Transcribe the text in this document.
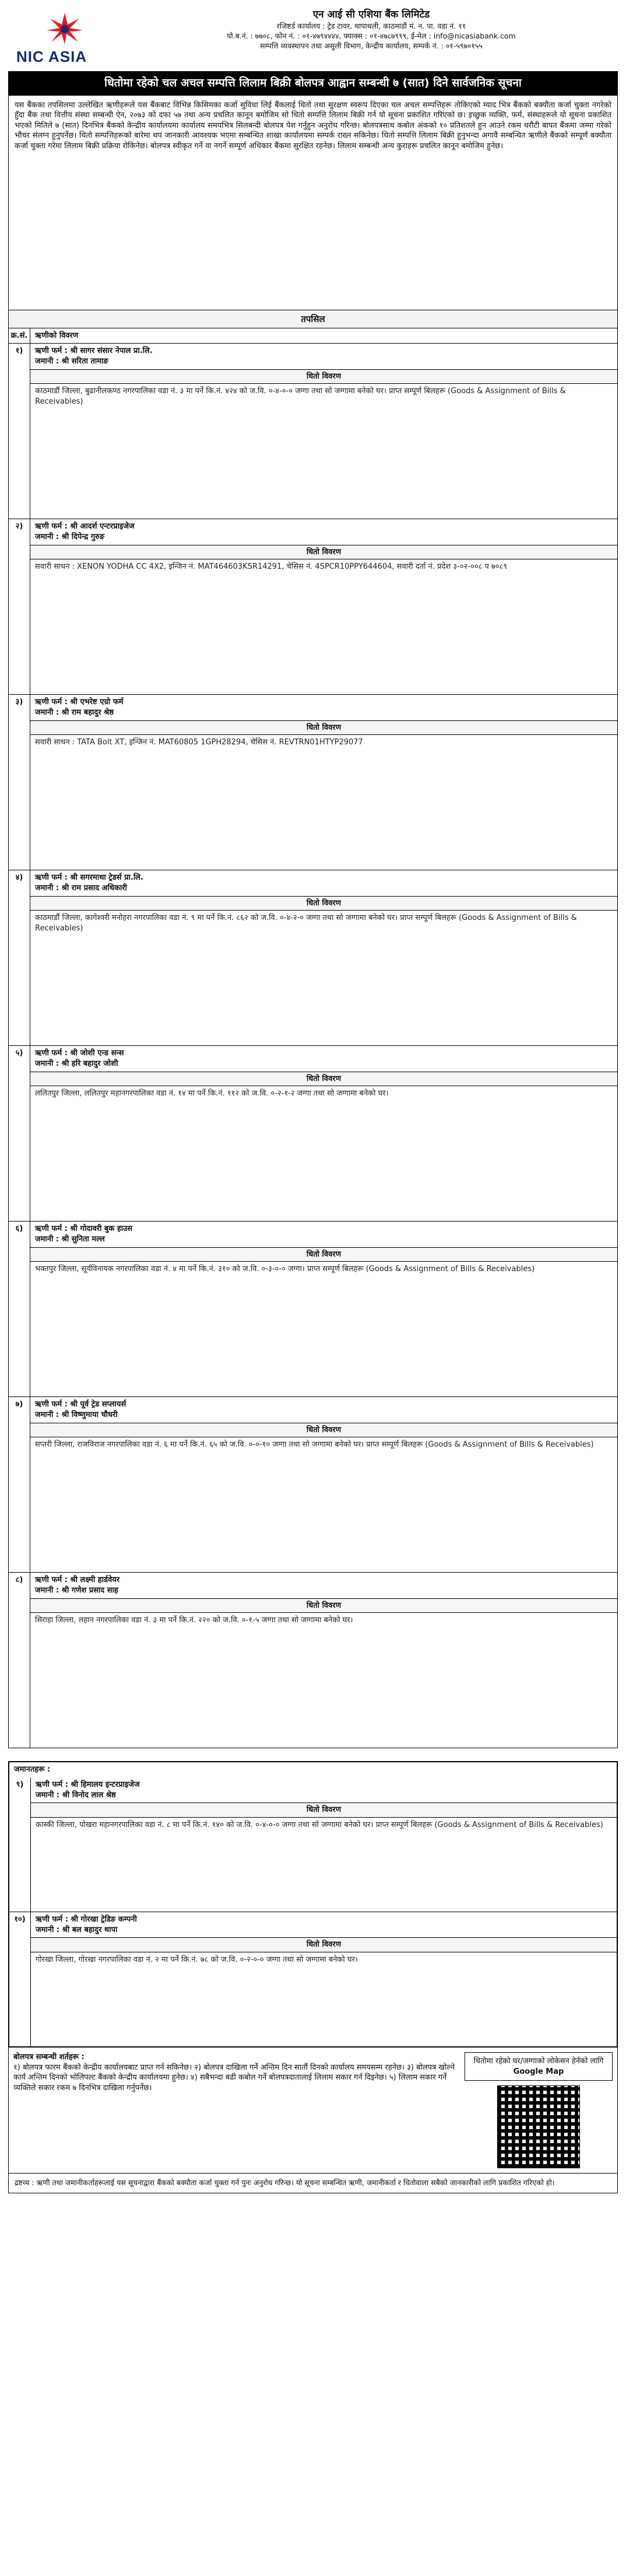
NIC ASIA
एन आई सी एशिया बैंक लिमिटेड
रजिष्टर्ड कार्यालय : ट्रेड टावर, थापाथली, काठमाडौं मं. न. पा. वडा नं. ११
पो.ब.नं. : ७७०८, फोन नं. : ०१-४७९४४४४, फ्याक्स : ०१-४७८७९९९, ई-मेल : info@nicasiabank.com
सम्पत्ति व्यवस्थापन तथा असुली विभाग, केन्द्रीय कार्यालय, सम्पर्क नं. : ०१-५९७०१५५
धितोमा रहेको चल अचल सम्पत्ति लिलाम बिक्री बोलपत्र आह्वान सम्बन्धी ७ (सात) दिने सार्वजनिक सूचना
यस बैंकका तपसिलमा उल्लेखित ऋणीहरूले यस बैंकबाट विभिन्न किसिमका कर्जा सुविधा लिई बैंकलाई धितो तथा सुरक्षण स्वरूप दिएका चल अचल सम्पत्तिहरू तोकिएको म्याद भित्र बैंकको बक्यौता कर्जा चुक्ता नगरेको हुँदा बैंक तथा वित्तीय संस्था सम्बन्धी ऐन, २०७३ को दफा ५७ तथा अन्य प्रचलित कानून बमोजिम सो धितो सम्पत्ति लिलाम बिक्री गर्न यो सूचना प्रकाशित गरिएको छ। इच्छुक व्यक्ति, फर्म, संस्थाहरूले यो सूचना प्रकाशित भएको मितिले ७ (सात) दिनभित्र बैंकको केन्द्रीय कार्यालयमा कार्यालय समयभित्र सिलबन्दी बोलपत्र पेश गर्नुहुन अनुरोध गरिन्छ। बोलपत्रसाथ कबोल अंकको १० प्रतिशतले हुन आउने रकम धरौटी बापत बैंकमा जम्मा गरेको भौचर संलग्न हुनुपर्नेछ। धितो सम्पत्तिहरूको बारेमा थप जानकारी आवश्यक भएमा सम्बन्धित शाखा कार्यालयमा सम्पर्क राख्न सकिनेछ। धितो सम्पत्ति लिलाम बिक्री हुनुभन्दा अगावै सम्बन्धित ऋणीले बैंकको सम्पूर्ण बक्यौता कर्जा चुक्ता गरेमा लिलाम बिक्री प्रक्रिया रोकिनेछ। बोलपत्र स्वीकृत गर्ने वा नगर्ने सम्पूर्ण अधिकार बैंकमा सुरक्षित रहनेछ। लिलाम सम्बन्धी अन्य कुराहरू प्रचलित कानून बमोजिम हुनेछ।
तपसिल
क्र.सं. ऋणीको विवरण
१)	ऋणी फर्म : श्री सागर संसार नेपाल प्रा.लि.
जमानी : श्री सरिता तामाङ
धितो विवरण
काठमाडौं जिल्ला, बुढानीलकण्ठ नगरपालिका वडा नं. ३ मा पर्ने कि.नं. ४२४ को ज.वि. ०-४-०-० जग्गा तथा सो जग्गामा बनेको घर। प्राप्त सम्पूर्ण बिलहरू (Goods & Assignment of Bills & Receivables)
२)	ऋणी फर्म : श्री आदर्श एन्टरप्राइजेज
जमानी : श्री दिपेन्द्र गुरुङ
धितो विवरण
सवारी साधन : XENON YODHA CC 4X2, इन्जिन नं. MAT464603KSR14291, चेसिस नं. 4SPCR10PPY644604, सवारी दर्ता नं. प्रदेश ३-०२-००८ प ७०८९
३)	ऋणी फर्म : श्री एभरेष्ट एग्रो फर्म
जमानी : श्री राम बहादुर श्रेष्ठ
धितो विवरण
सवारी साधन : TATA Bolt XT, इन्जिन नं. MAT60805 1GPH28294, चेसिस नं. REVTRN01HTYP29077
४)	ऋणी फर्म : श्री सगरमाथा ट्रेडर्स प्रा.लि.
जमानी : श्री राम प्रसाद अधिकारी
धितो विवरण
काठमाडौं जिल्ला, कागेश्वरी मनोहरा नगरपालिका वडा नं. ९ मा पर्ने कि.नं. ८६२ को ज.वि. ०-४-२-० जग्गा तथा सो जग्गामा बनेको घर। प्राप्त सम्पूर्ण बिलहरू (Goods & Assignment of Bills & Receivables)
५)	ऋणी फर्म : श्री जोशी एन्ड सन्स
जमानी : श्री हरि बहादुर जोशी
धितो विवरण
ललितपुर जिल्ला, ललितपुर महानगरपालिका वडा नं. १४ मा पर्ने कि.नं. ११२ को ज.वि. ०-२-१-२ जग्गा तथा सो जग्गामा बनेको घर।
६)	ऋणी फर्म : श्री गोदावरी बुक हाउस
जमानी : श्री सुनिता मल्ल
धितो विवरण
भक्तपुर जिल्ला, सूर्यविनायक नगरपालिका वडा नं. ४ मा पर्ने कि.नं. ३१० को ज.वि. ०-३-०-० जग्गा। प्राप्त सम्पूर्ण बिलहरू (Goods & Assignment of Bills & Receivables)
७)	ऋणी फर्म : श्री पूर्व ट्रेड सप्लायर्स
जमानी : श्री विष्णुमाया चौधरी
धितो विवरण
सप्तरी जिल्ला, राजविराज नगरपालिका वडा नं. ६ मा पर्ने कि.नं. ६५ को ज.वि. ०-०-१० जग्गा तथा सो जग्गामा बनेको घर। प्राप्त सम्पूर्ण बिलहरू (Goods & Assignment of Bills & Receivables)
८)	ऋणी फर्म : श्री लक्ष्मी हार्डवेयर
जमानी : श्री गणेश प्रसाद साह
धितो विवरण
सिराहा जिल्ला, लहान नगरपालिका वडा नं. ३ मा पर्ने कि.नं. २२० को ज.वि. ०-१-५ जग्गा तथा सो जग्गामा बनेको घर।
जमानतहरू :
९)	ऋणी फर्म : श्री हिमालय इन्टरप्राइजेज
जमानी : श्री विनोद लाल श्रेष्ठ
धितो विवरण
कास्की जिल्ला, पोखरा महानगरपालिका वडा नं. ८ मा पर्ने कि.नं. १४० को ज.वि. ०-४-०-० जग्गा तथा सो जग्गामा बनेको घर। प्राप्त सम्पूर्ण बिलहरू (Goods & Assignment of Bills & Receivables)
१०)	ऋणी फर्म : श्री गोरखा ट्रेडिङ कम्पनी
जमानी : श्री बल बहादुर थापा
धितो विवरण
गोरखा जिल्ला, गोरखा नगरपालिका वडा नं. २ मा पर्ने कि.नं. ७८ को ज.वि. ०-२-०-० जग्गा तथा सो जग्गामा बनेको घर।
बोलपत्र सम्बन्धी शर्तहरू :
१) बोलपत्र फारम बैंकको केन्द्रीय कार्यालयबाट प्राप्त गर्न सकिनेछ। २) बोलपत्र दाखिला गर्ने अन्तिम दिन सातौं दिनको कार्यालय समयसम्म रहनेछ। ३) बोलपत्र खोल्ने कार्य अन्तिम दिनको भोलिपल्ट बैंकको केन्द्रीय कार्यालयमा हुनेछ। ४) सबैभन्दा बढी कबोल गर्ने बोलपत्रदातालाई लिलाम सकार गर्न दिइनेछ। ५) लिलाम सकार गर्ने व्यक्तिले सकार रकम ७ दिनभित्र दाखिला गर्नुपर्नेछ।
धितोमा रहेको घर/जग्गाको लोकेसन हेर्नको लागि
Google Map
द्रष्टव्य : ऋणी तथा जमानीकर्ताहरूलाई यस सूचनाद्वारा बैंकको बक्यौता कर्जा चुक्ता गर्न पुनः अनुरोध गरिन्छ। यो सूचना सम्बन्धित ऋणी, जमानीकर्ता र धितोवाला सबैको जानकारीको लागि प्रकाशित गरिएको हो।
